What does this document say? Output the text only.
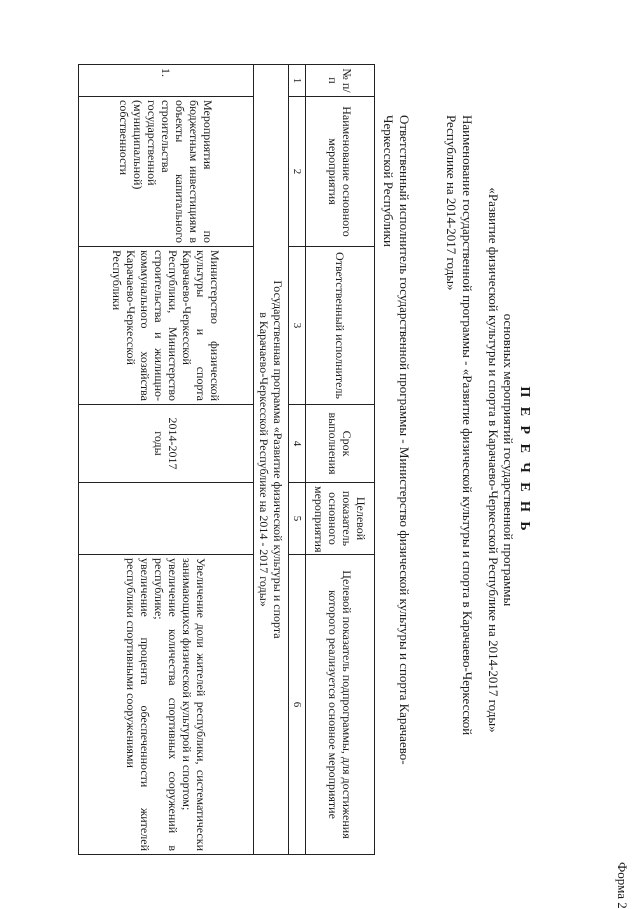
Форма 2
П Е Р Е Ч Е Н Ь
основных мероприятий государственной программы
«Развитие физической культуры и спорта в Карачаево-Черкесской Республике на 2014-2017 годы»
Наименование государственной программы - «Развитие физической культуры и спорта в Карачаево-Черкесской
Республике на 2014-2017 годы»
Ответственный исполнитель государственной программы - Министерство физической культуры и спорта Карачаево-
Черкесской Республики
№ п/п	Наименование основного мероприятия	Ответственный исполнитель	Срок выполнения	Целевой показатель основного мероприятия	Целевой показатель подпрограммы, для достижения которого реализуется основное мероприятие
1	2	3	4	5	6

Государственная программа «Развитие физической культуры и спорта
в Карачаево-Черкесской Республике на 2014 - 2017 годы»					

1.	Мероприятия по бюджетным инвестициям в объекты капитального строительства государственной (муниципальной) собственности	Министерство физической культуры и спорта Карачаево-Черкесской Республики, Министерство строительства и жилищно-коммунального хозяйства Карачаево-Черкесской Республики	2014-2017 годы		Увеличение доли жителей республики, систематически занимающихся физической культурой и спортом;
увеличение количества спортивных сооружений в республике;
увеличение процента обеспеченности жителей республики спортивными сооружениями
